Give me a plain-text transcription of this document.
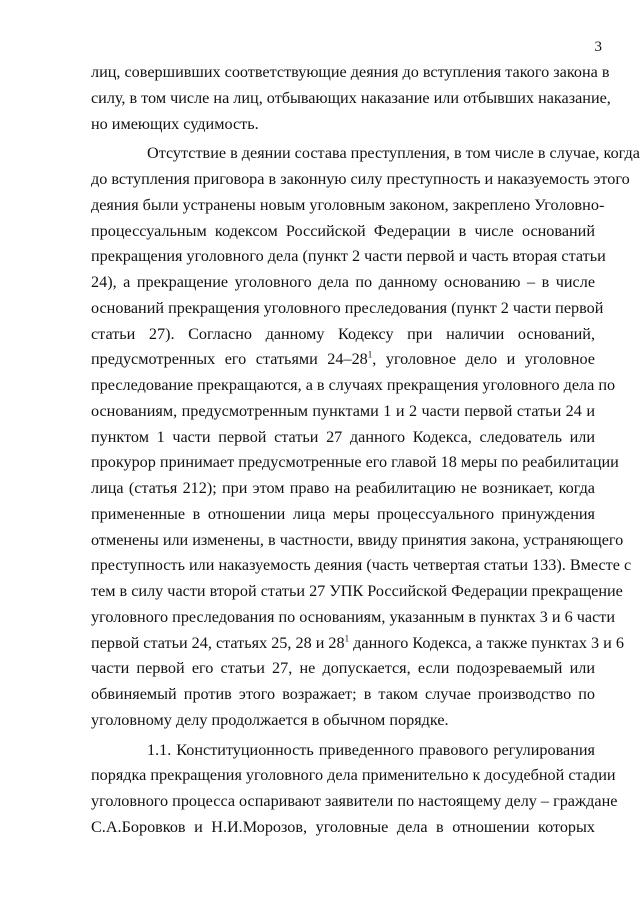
3
лиц, совершивших соответствующие деяния до вступления такого закона в
силу, в том числе на лиц, отбывающих наказание или отбывших наказание,
но имеющих судимость.
Отсутствие в деянии состава преступления, в том числе в случае, когда
до вступления приговора в законную силу преступность и наказуемость этого
деяния были устранены новым уголовным законом, закреплено Уголовно-
процессуальным кодексом Российской Федерации в числе оснований
прекращения уголовного дела (пункт 2 части первой и часть вторая статьи
24), а прекращение уголовного дела по данному основанию – в числе
оснований прекращения уголовного преследования (пункт 2 части первой
статьи 27). Согласно данному Кодексу при наличии оснований,
предусмотренных его статьями $24-28^1$, уголовное дело и уголовное
преследование прекращаются, а в случаях прекращения уголовного дела по
основаниям, предусмотренным пунктами 1 и 2 части первой статьи 24 и
пунктом 1 части первой статьи 27 данного Кодекса, следователь или
прокурор принимает предусмотренные его главой 18 меры по реабилитации
лица (статья 212); при этом право на реабилитацию не возникает, когда
примененные в отношении лица меры процессуального принуждения
отменены или изменены, в частности, ввиду принятия закона, устраняющего
преступность или наказуемость деяния (часть четвертая статьи 133). Вместе с
тем в силу части второй статьи 27 УПК Российской Федерации прекращение
уголовного преследования по основаниям, указанным в пунктах 3 и 6 части
первой статьи 24, статьях 25, 28 и $28^1$ данного Кодекса, а также пунктах 3 и 6
части первой его статьи 27, не допускается, если подозреваемый или
обвиняемый против этого возражает; в таком случае производство по
уголовному делу продолжается в обычном порядке.
1.1. Конституционность приведенного правового регулирования
порядка прекращения уголовного дела применительно к досудебной стадии
уголовного процесса оспаривают заявители по настоящему делу – граждане
С.А.Боровков и Н.И.Морозов, уголовные дела в отношении которых
